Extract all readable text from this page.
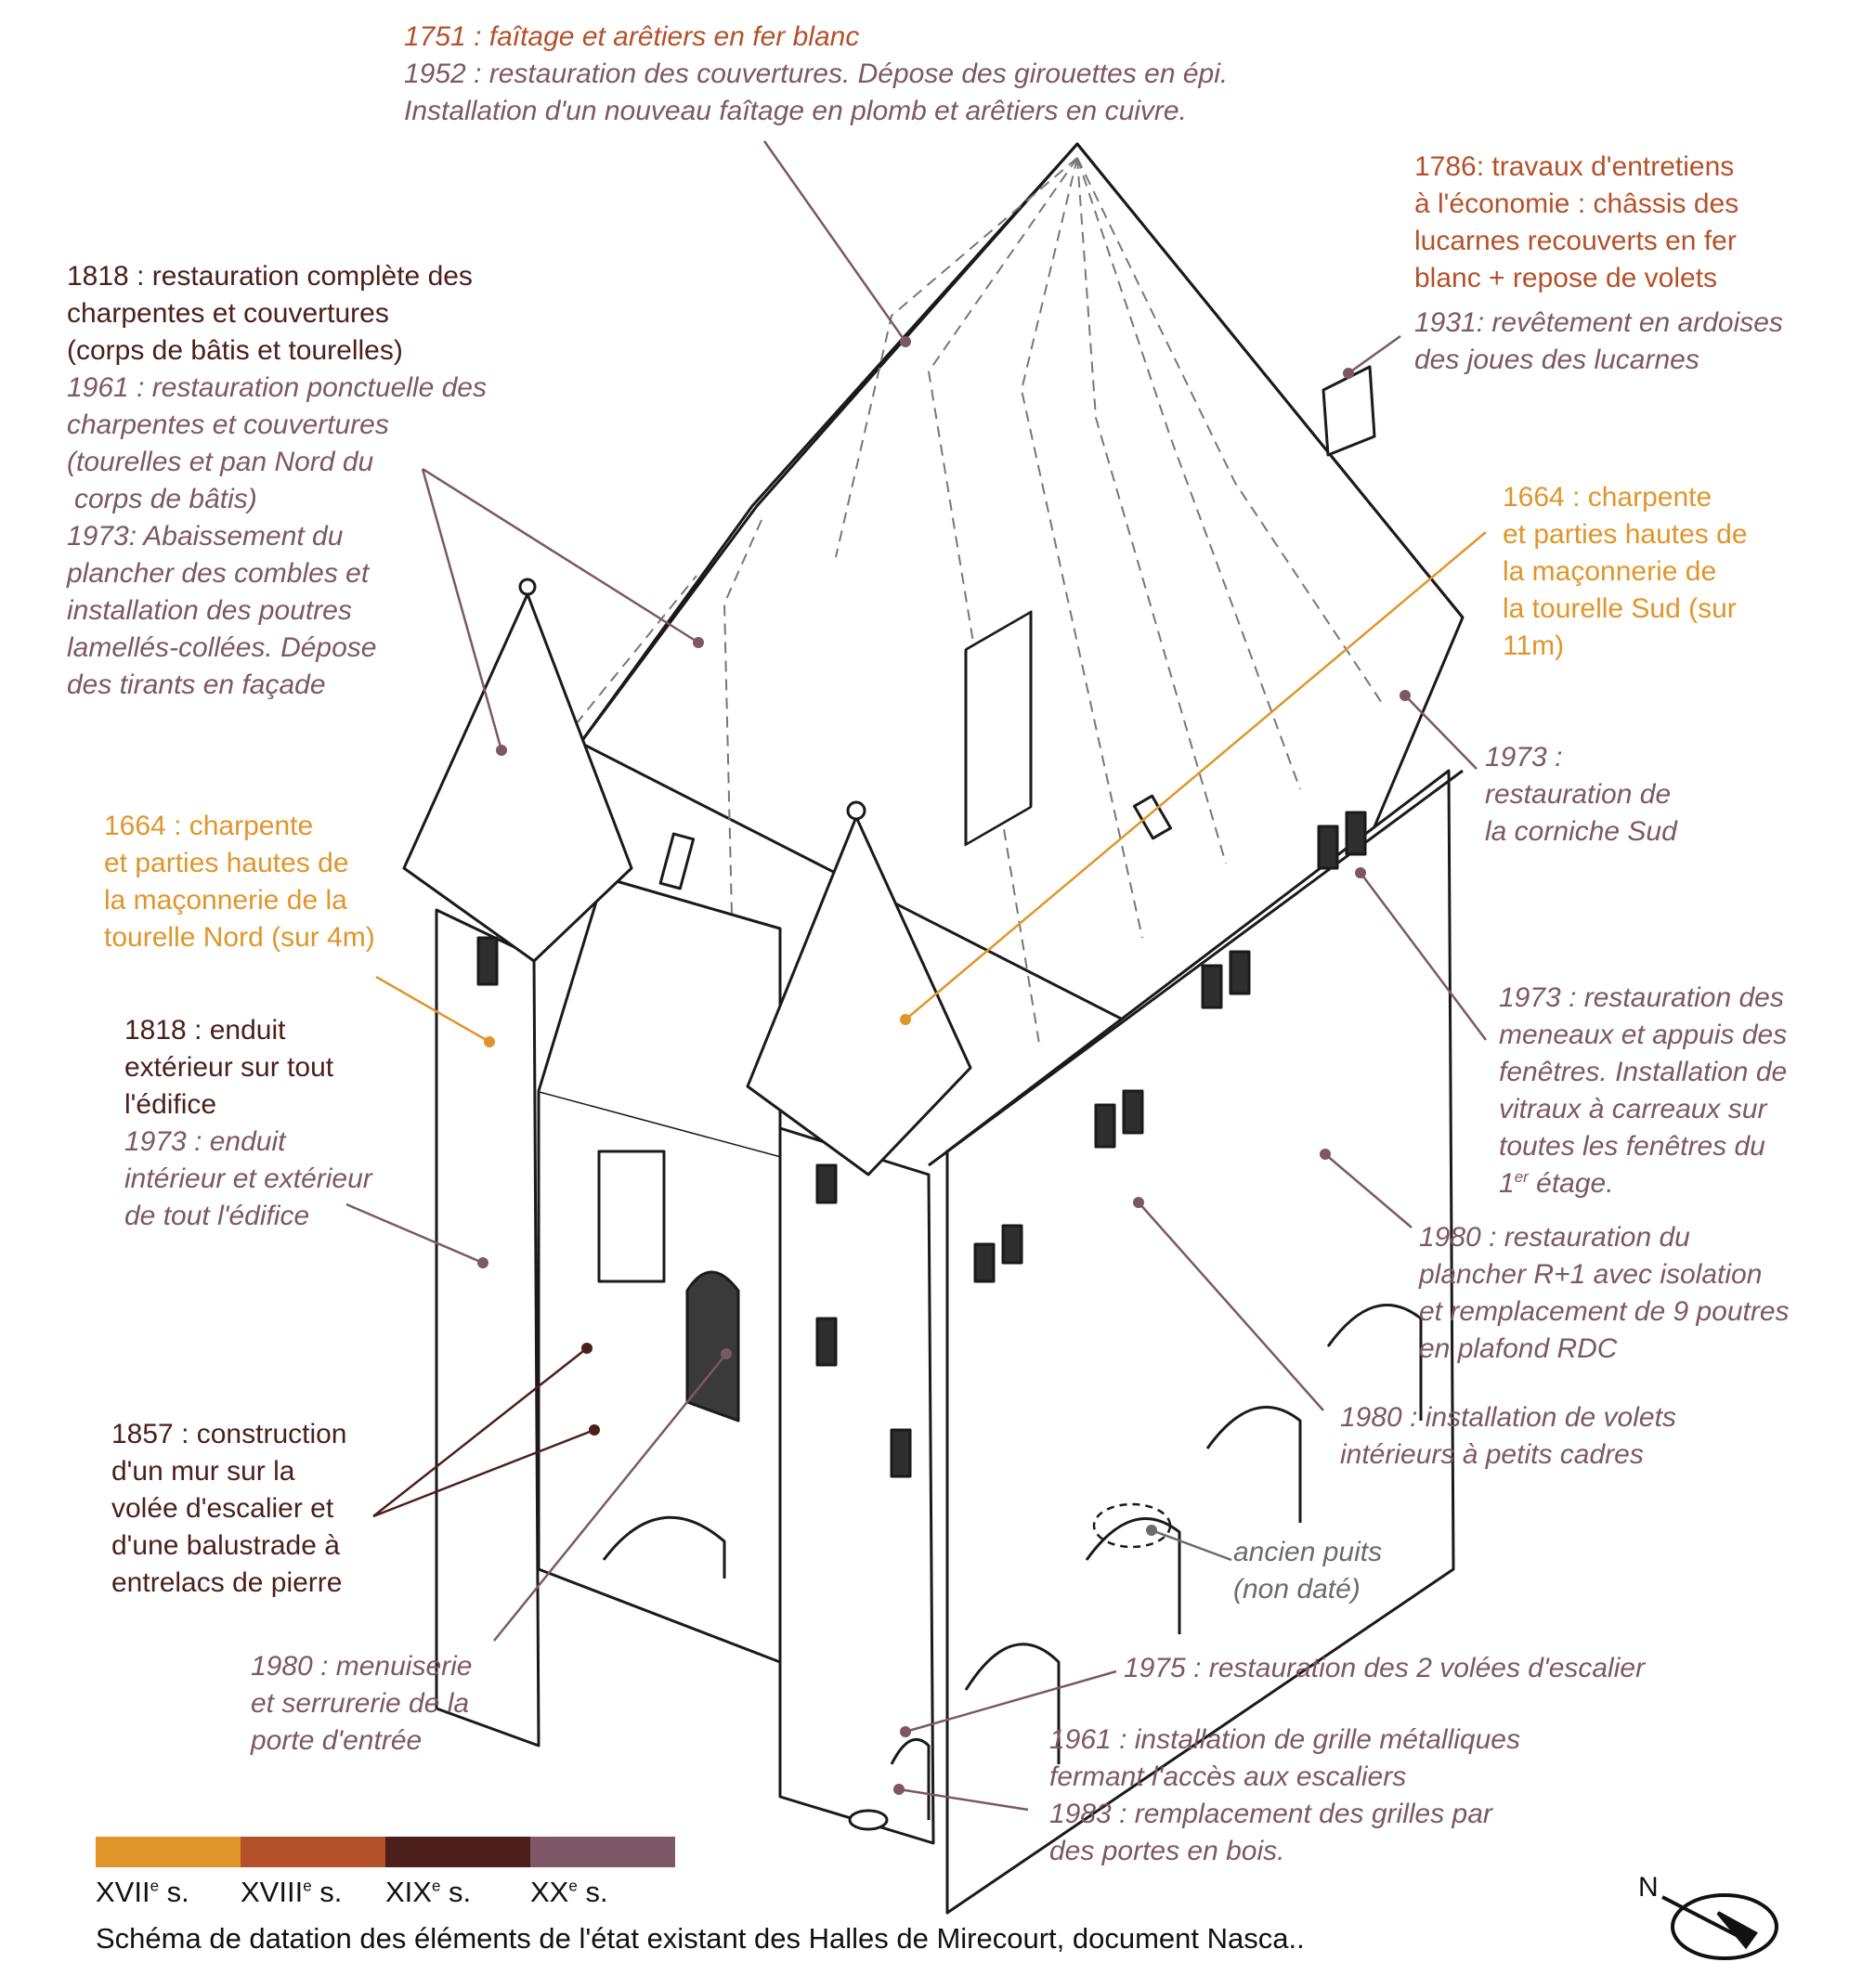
1751 : faîtage et arêtiers en fer blanc
1952 : restauration des couvertures. Dépose des girouettes en épi.
Installation d'un nouveau faîtage en plomb et arêtiers en cuivre.
1818 : restauration complète des
charpentes et couvertures
(corps de bâtis et tourelles)
1961 : restauration ponctuelle des
charpentes et couvertures
(tourelles et pan Nord du
corps de bâtis)
1973: Abaissement du
plancher des combles et
installation des poutres
lamellés-collées. Dépose
des tirants en façade
1786: travaux d'entretiens
à l'économie : châssis des
lucarnes recouverts en fer
blanc + repose de volets
1931: revêtement en ardoises
des joues des lucarnes
1664 : charpente
et parties hautes de
la maçonnerie de
la tourelle Sud (sur
11m)
1973 :
restauration de
la corniche Sud
1664 : charpente
et parties hautes de
la maçonnerie de la
tourelle Nord (sur 4m)
1818 : enduit
extérieur sur tout
l'édifice
1973 : enduit
intérieur et extérieur
de tout l'édifice
1973 : restauration des
meneaux et appuis des
fenêtres. Installation de
vitraux à carreaux sur
toutes les fenêtres du
1er étage.
1980 : restauration du
plancher R+1 avec isolation
et remplacement de 9 poutres
en plafond RDC
1980 : installation de volets
intérieurs à petits cadres
1857 : construction
d'un mur sur la
volée d'escalier et
d'une balustrade à
entrelacs de pierre
ancien puits
(non daté)
1980 : menuiserie
et serrurerie de la
porte d'entrée
1975 : restauration des 2 volées d'escalier
1961 : installation de grille métalliques
fermant l'accès aux escaliers
1983 : remplacement des grilles par
des portes en bois.
XVIIe s. XVIIIe s. XIXe s. XXe s.
Schéma de datation des éléments de l'état existant des Halles de Mirecourt, document Nasca..
N
